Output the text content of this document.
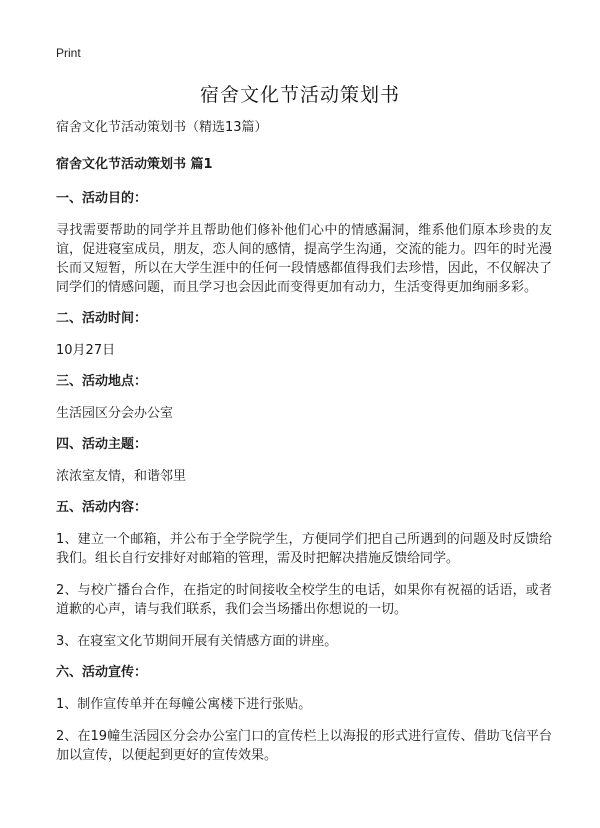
Print
宿舍文化节活动策划书
宿舍文化节活动策划书（精选13篇）
宿舍文化节活动策划书 篇1
一、活动目的：
寻找需要帮助的同学并且帮助他们修补他们心中的情感漏洞，维系他们原本珍贵的友谊，促进寝室成员，朋友，恋人间的感情，提高学生沟通，交流的能力。四年的时光漫长而又短暂，所以在大学生涯中的任何一段情感都值得我们去珍惜，因此，不仅解决了同学们的情感问题，而且学习也会因此而变得更加有动力，生活变得更加绚丽多彩。
二、活动时间：
10月27日
三、活动地点：
生活园区分会办公室
四、活动主题：
浓浓室友情，和谐邻里
五、活动内容：
1、建立一个邮箱，并公布于全学院学生，方便同学们把自己所遇到的问题及时反馈给我们。组长自行安排好对邮箱的管理，需及时把解决措施反馈给同学。
2、与校广播台合作，在指定的时间接收全校学生的电话，如果你有祝福的话语，或者道歉的心声，请与我们联系，我们会当场播出你想说的一切。
3、在寝室文化节期间开展有关情感方面的讲座。
六、活动宣传：
1、制作宣传单并在每幢公寓楼下进行张贴。
2、在19幢生活园区分会办公室门口的宣传栏上以海报的形式进行宣传、借助飞信平台加以宣传，以便起到更好的宣传效果。
